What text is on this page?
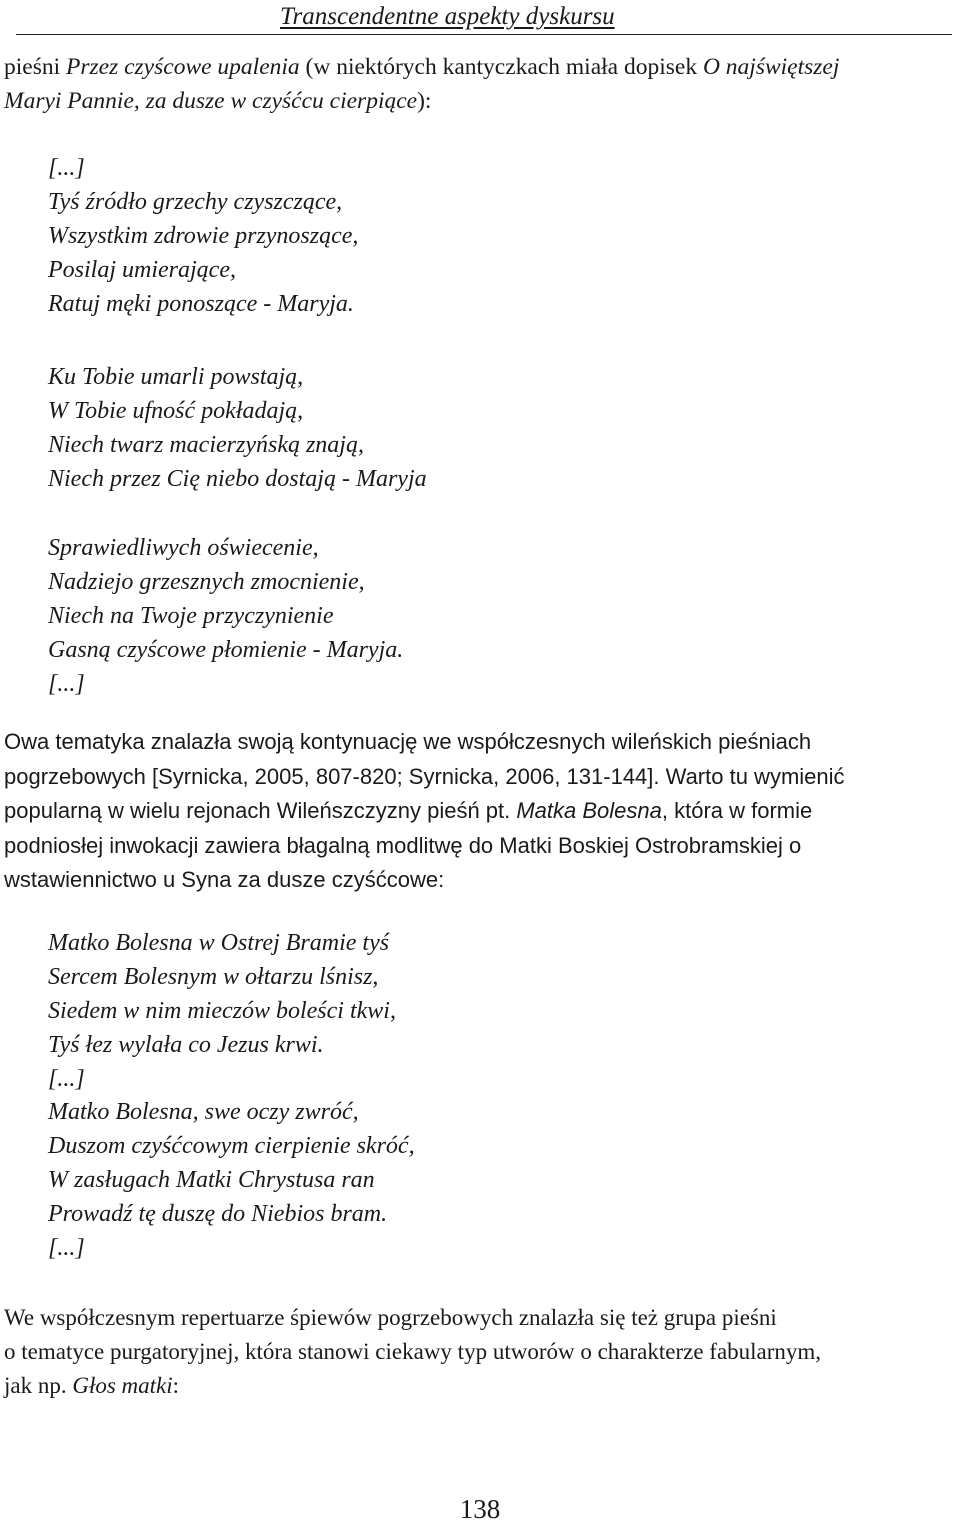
Transcendentne aspekty dyskursu

pieśni Przez czyścowe upalenia (w niektórych kantyczkach miała dopisek O najświętszej
Maryi Pannie, za dusze w czyśćcu cierpiące):

[...]
Tyś źródło grzechy czyszczące,
Wszystkim zdrowie przynoszące,
Posilaj umierające,
Ratuj męki ponoszące - Maryja.
Ku Tobie umarli powstają,
W Tobie ufność pokładają,
Niech twarz macierzyńską znają,
Niech przez Cię niebo dostają - Maryja
Sprawiedliwych oświecenie,
Nadziejo grzesznych zmocnienie,
Niech na Twoje przyczynienie
Gasną czyścowe płomienie - Maryja.
[...]

Owa tematyka znalazła swoją kontynuację we współczesnych wileńskich pieśniach
pogrzebowych [Syrnicka, 2005, 807-820; Syrnicka, 2006, 131-144]. Warto tu wymienić
popularną w wielu rejonach Wileńszczyzny pieśń pt. Matka Bolesna, która w formie
podniosłej inwokacji zawiera błagalną modlitwę do Matki Boskiej Ostrobramskiej o
wstawiennictwo u Syna za dusze czyśćcowe:

Matko Bolesna w Ostrej Bramie tyś
Sercem Bolesnym w ołtarzu lśnisz,
Siedem w nim mieczów boleści tkwi,
Tyś łez wylała co Jezus krwi.
[...]
Matko Bolesna, swe oczy zwróć,
Duszom czyśćcowym cierpienie skróć,
W zasługach Matki Chrystusa ran
Prowadź tę duszę do Niebios bram.
[...]

We współczesnym repertuarze śpiewów pogrzebowych znalazła się też grupa pieśni
o tematyce purgatoryjnej, która stanowi ciekawy typ utworów o charakterze fabularnym,
jak np. Głos matki:

138
